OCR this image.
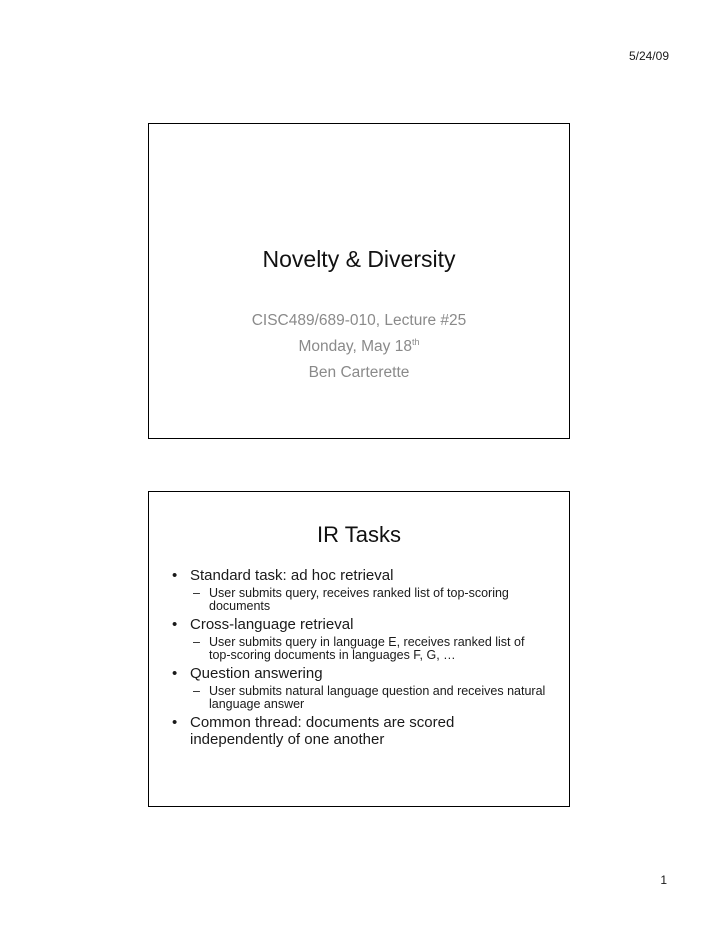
5/24/09
Novelty & Diversity
CISC489/689-010, Lecture #25
Monday, May 18th
Ben Carterette
IR Tasks
• Standard task: ad hoc retrieval
– User submits query, receives ranked list of top-scoring documents
• Cross-language retrieval
– User submits query in language E, receives ranked list of top-scoring documents in languages F, G, …
• Question answering
– User submits natural language question and receives natural language answer
• Common thread: documents are scored independently of one another
1
